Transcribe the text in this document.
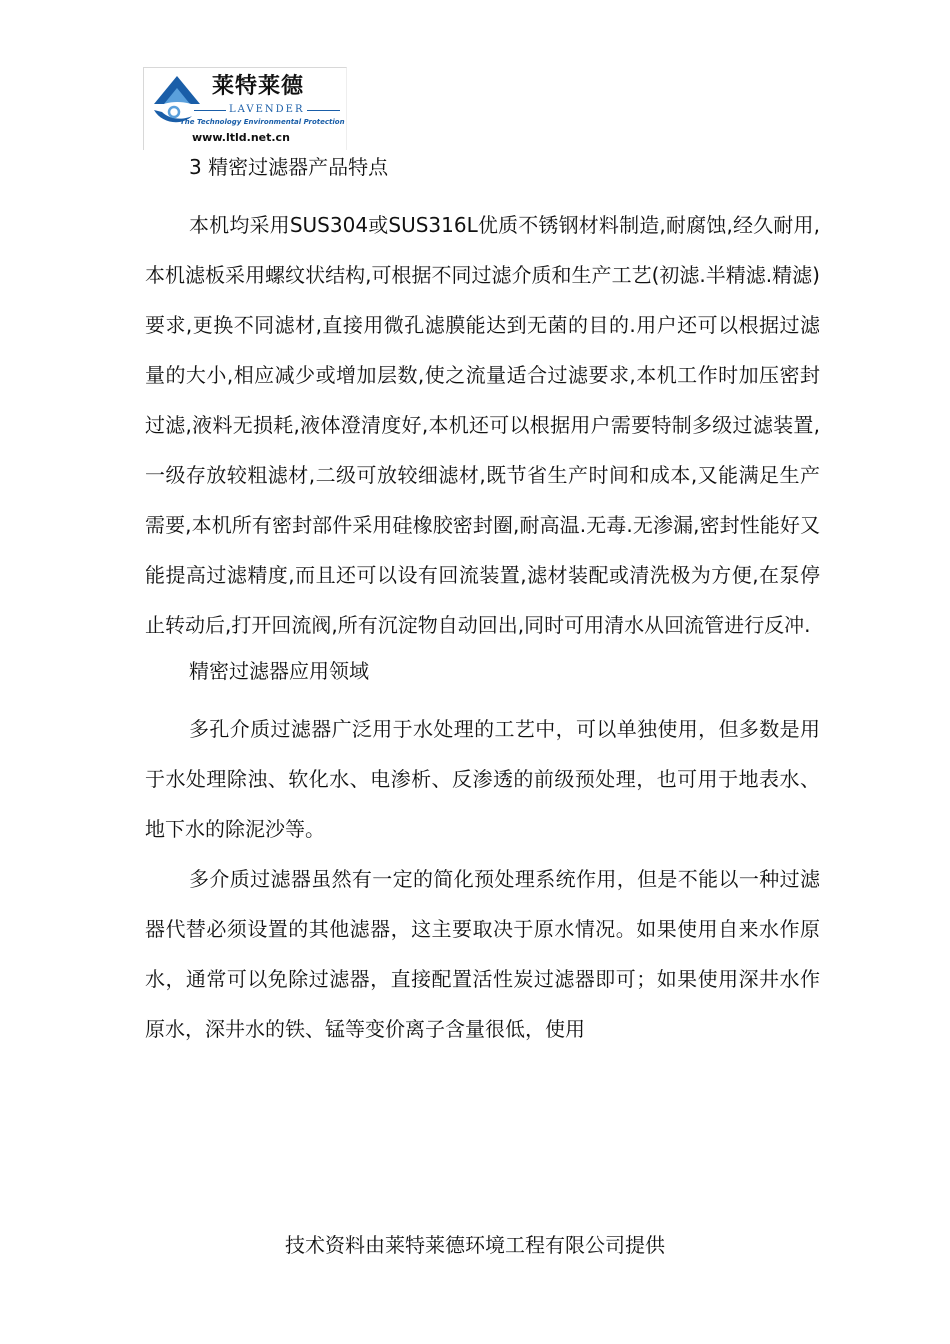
莱特莱德
LAVENDER
The Technology Environmental Protection
www.ltld.net.cn
3 精密过滤器产品特点

本机均采用SUS304或SUS316L优质不锈钢材料制造,耐腐蚀,经久耐用,本机滤板采用螺纹状结构,可根据不同过滤介质和生产工艺(初滤.半精滤.精滤)要求,更换不同滤材,直接用微孔滤膜能达到无菌的目的.用户还可以根据过滤量的大小,相应减少或增加层数,使之流量适合过滤要求,本机工作时加压密封过滤,液料无损耗,液体澄清度好,本机还可以根据用户需要特制多级过滤装置,一级存放较粗滤材,二级可放较细滤材,既节省生产时间和成本,又能满足生产需要,本机所有密封部件采用硅橡胶密封圈,耐高温.无毒.无渗漏,密封性能好又能提高过滤精度,而且还可以设有回流装置,滤材装配或清洗极为方便,在泵停止转动后,打开回流阀,所有沉淀物自动回出,同时可用清水从回流管进行反冲.

精密过滤器应用领域

多孔介质过滤器广泛用于水处理的工艺中，可以单独使用，但多数是用于水处理除浊、软化水、电渗析、反渗透的前级预处理，也可用于地表水、地下水的除泥沙等。

多介质过滤器虽然有一定的简化预处理系统作用，但是不能以一种过滤器代替必须设置的其他滤器，这主要取决于原水情况。如果使用自来水作原水，通常可以免除过滤器，直接配置活性炭过滤器即可；如果使用深井水作原水，深井水的铁、锰等变价离子含量很低，使用

技术资料由莱特莱德环境工程有限公司提供
